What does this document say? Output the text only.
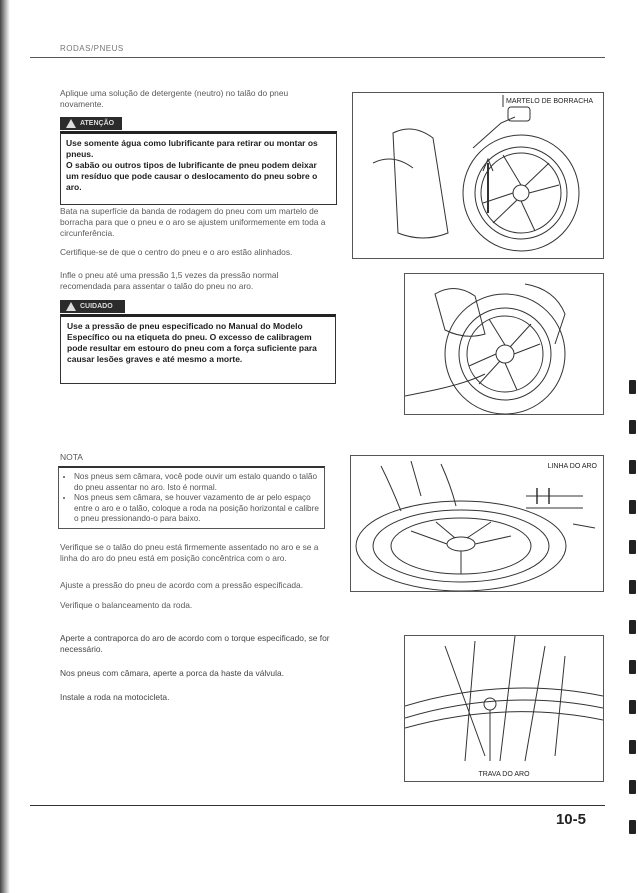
RODAS/PNEUS
Aplique uma solução de detergente (neutro) no talão do pneu novamente.
ATENÇÃO

Use somente água como lubrificante para retirar ou montar os pneus.

O sabão ou outros tipos de lubrificante de pneu podem deixar um resíduo que pode causar o deslocamento do pneu sobre o aro.

Bata na superfície da banda de rodagem do pneu com um martelo de borracha para que o pneu e o aro se ajustem uniformemente em toda a circunferência.
Certifique-se de que o centro do pneu e o aro estão alinhados.
Infle o pneu até uma pressão 1,5 vezes da pressão normal recomendada para assentar o talão do pneu no aro.
CUIDADO

Use a pressão de pneu especificado no Manual do Modelo Específico ou na etiqueta do pneu. O excesso de calibragem pode resultar em estouro do pneu com a força suficiente para causar lesões graves e até mesmo a morte.

NOTA
• Nos pneus sem câmara, você pode ouvir um estalo quando o talão do pneu assentar no aro. Isto é normal.
• Nos pneus sem câmara, se houver vazamento de ar pelo espaço entre o aro e o talão, coloque a roda na posição horizontal e calibre o pneu pressionando-o para baixo.
Verifique se o talão do pneu está firmemente assentado no aro e se a linha do aro do pneu está em posição concêntrica com o aro.
Ajuste a pressão do pneu de acordo com a pressão especificada.
Verifique o balanceamento da roda.
Aperte a contraporca do aro de acordo com o torque especificado, se for necessário.
Nos pneus com câmara, aperte a porca da haste da válvula.
Instale a roda na motocicleta.
MARTELO DE BORRACHA
LINHA DO ARO
TRAVA DO ARO
10-5
